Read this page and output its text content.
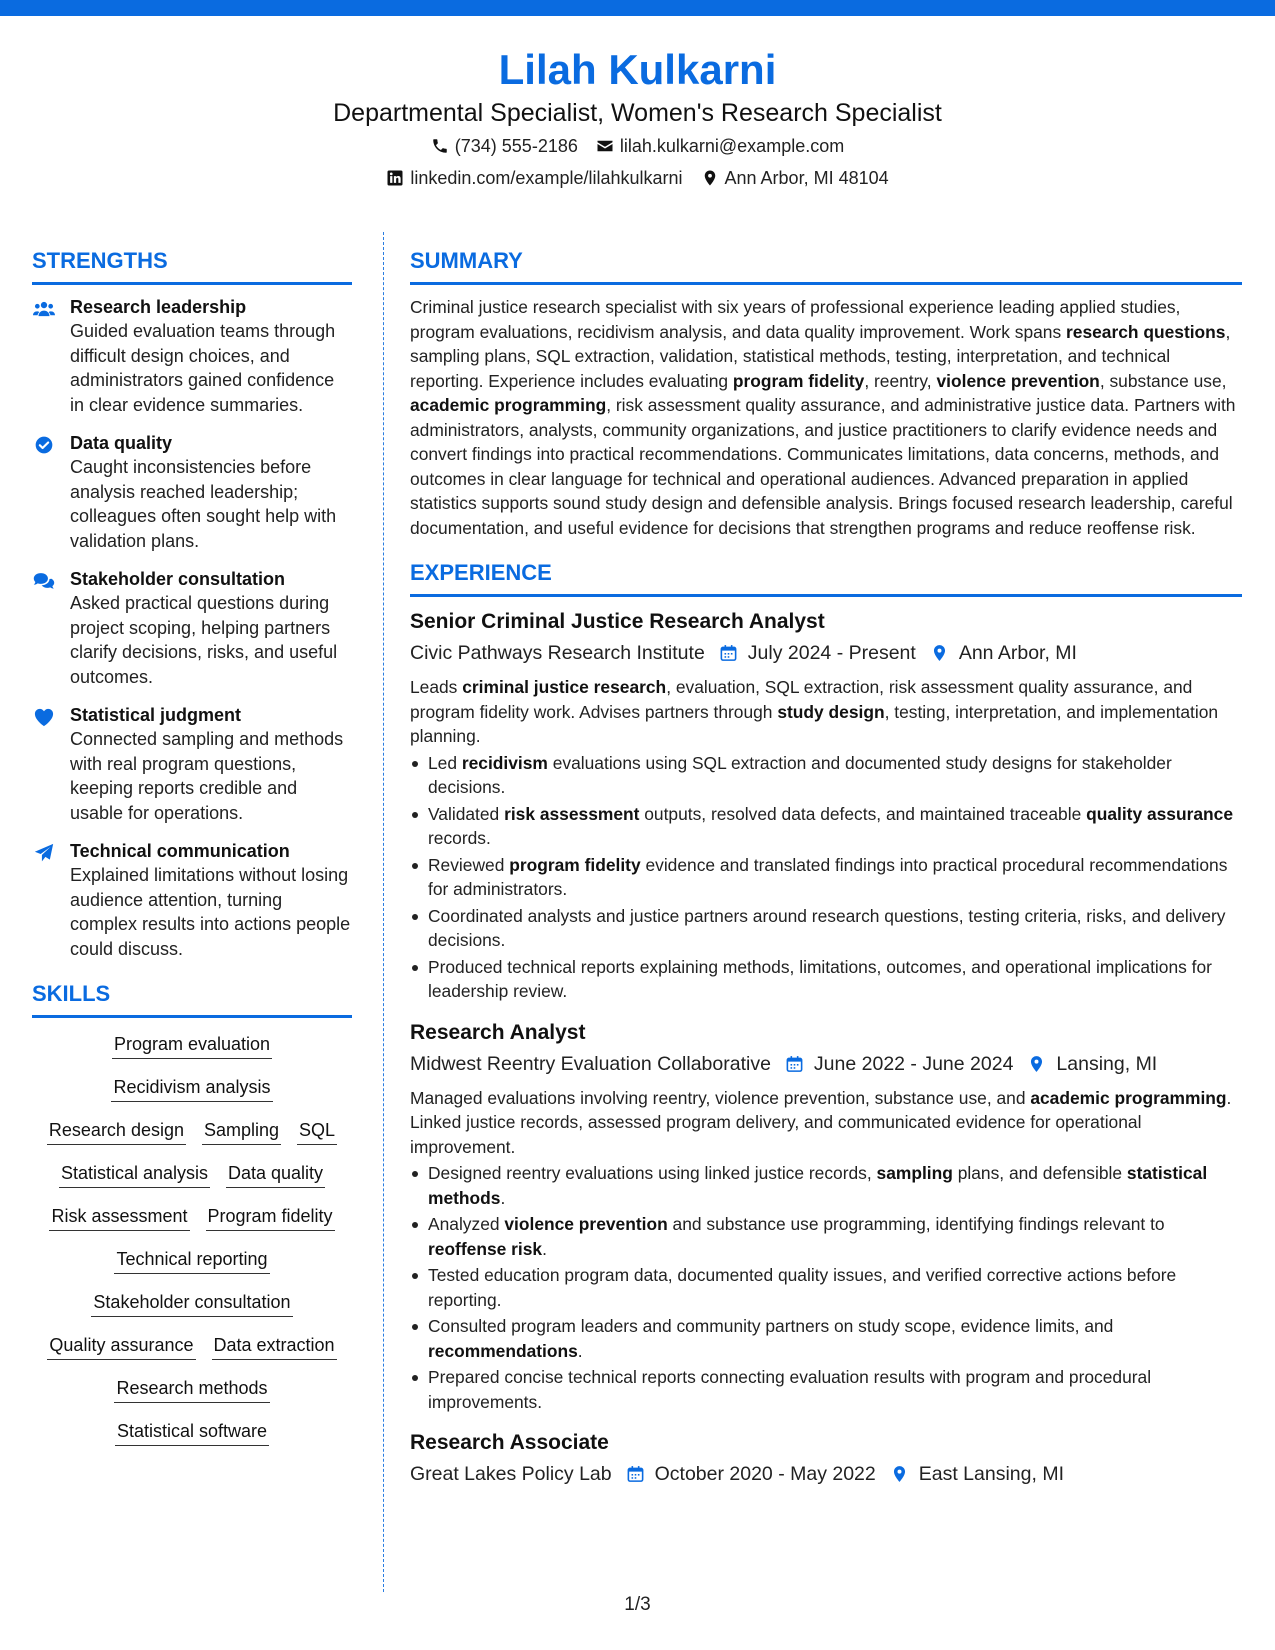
Lilah Kulkarni
Departmental Specialist, Women's Research Specialist
(734) 555-2186 lilah.kulkarni@example.com
linkedin.com/example/lilahkulkarni Ann Arbor, MI 48104
STRENGTHS
Research leadership
Guided evaluation teams through difficult design choices, and administrators gained confidence in clear evidence summaries.
Data quality
Caught inconsistencies before analysis reached leadership; colleagues often sought help with validation plans.
Stakeholder consultation
Asked practical questions during project scoping, helping partners clarify decisions, risks, and useful outcomes.
Statistical judgment
Connected sampling and methods with real program questions, keeping reports credible and usable for operations.
Technical communication
Explained limitations without losing audience attention, turning complex results into actions people could discuss.
SKILLS
Program evaluation
Recidivism analysis
Research design Sampling SQL
Statistical analysis Data quality
Risk assessment Program fidelity
Technical reporting
Stakeholder consultation
Quality assurance Data extraction
Research methods
Statistical software
SUMMARY
Criminal justice research specialist with six years of professional experience leading applied studies, program evaluations, recidivism analysis, and data quality improvement. Work spans research questions, sampling plans, SQL extraction, validation, statistical methods, testing, interpretation, and technical reporting. Experience includes evaluating program fidelity, reentry, violence prevention, substance use, academic programming, risk assessment quality assurance, and administrative justice data. Partners with administrators, analysts, community organizations, and justice practitioners to clarify evidence needs and convert findings into practical recommendations. Communicates limitations, data concerns, methods, and outcomes in clear language for technical and operational audiences. Advanced preparation in applied statistics supports sound study design and defensible analysis. Brings focused research leadership, careful documentation, and useful evidence for decisions that strengthen programs and reduce reoffense risk.
EXPERIENCE
Senior Criminal Justice Research Analyst
Civic Pathways Research Institute July 2024 - Present Ann Arbor, MI
Leads criminal justice research, evaluation, SQL extraction, risk assessment quality assurance, and program fidelity work. Advises partners through study design, testing, interpretation, and implementation planning.
Led recidivism evaluations using SQL extraction and documented study designs for stakeholder decisions.
Validated risk assessment outputs, resolved data defects, and maintained traceable quality assurance records.
Reviewed program fidelity evidence and translated findings into practical procedural recommendations for administrators.
Coordinated analysts and justice partners around research questions, testing criteria, risks, and delivery decisions.
Produced technical reports explaining methods, limitations, outcomes, and operational implications for leadership review.
Research Analyst
Midwest Reentry Evaluation Collaborative June 2022 - June 2024 Lansing, MI
Managed evaluations involving reentry, violence prevention, substance use, and academic programming. Linked justice records, assessed program delivery, and communicated evidence for operational improvement.
Designed reentry evaluations using linked justice records, sampling plans, and defensible statistical methods.
Analyzed violence prevention and substance use programming, identifying findings relevant to reoffense risk.
Tested education program data, documented quality issues, and verified corrective actions before reporting.
Consulted program leaders and community partners on study scope, evidence limits, and recommendations.
Prepared concise technical reports connecting evaluation results with program and procedural improvements.
Research Associate
Great Lakes Policy Lab October 2020 - May 2022 East Lansing, MI
1/3
